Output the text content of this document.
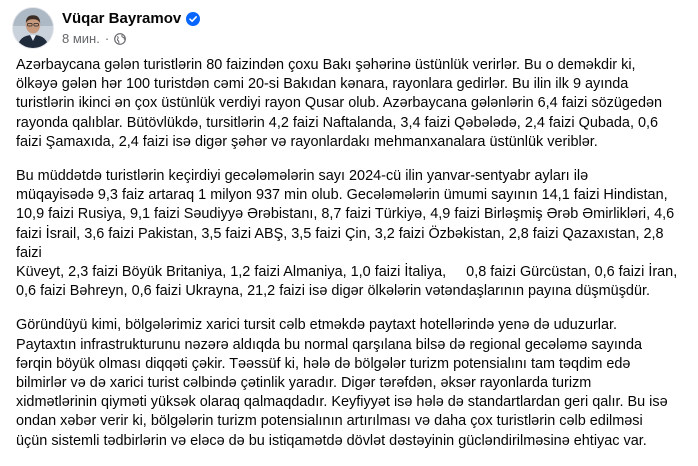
Vüqar Bayramov
8 мин. ·

Azərbaycana gələn turistlərin 80 faizindən çoxu Bakı şəhərinə üstünlük verirlər. Bu o deməkdir ki,
ölkəyə gələn hər 100 turistdən cəmi 20-si Bakıdan kənara, rayonlara gedirlər. Bu ilin ilk 9 ayında
turistlərin ikinci ən çox üstünlük verdiyi rayon Qusar olub. Azərbaycana gələnlərin 6,4 faizi sözügedən
rayonda qalıblar. Bütövlükdə, tursitlərin 4,2 faizi Naftalanda, 3,4 faizi Qəbələdə, 2,4 faizi Qubada, 0,6
faizi Şamaxıda, 2,4 faizi isə digər şəhər və rayonlardakı mehmanxanalara üstünlük veriblər.

Bu müddətdə turistlərin keçirdiyi gecələmələrin sayı 2024-cü ilin yanvar-sentyabr ayları ilə
müqayisədə 9,3 faiz artaraq 1 milyon 937 min olub. Gecələmələrin ümumi sayının 14,1 faizi Hindistan,
10,9 faizi Rusiya, 9,1 faizi Səudiyyə Ərəbistanı, 8,7 faizi Türkiyə, 4,9 faizi Birləşmiş Ərəb Əmirlikləri, 4,6
faizi İsrail, 3,6 faizi Pakistan, 3,5 faizi ABŞ, 3,5 faizi Çin, 3,2 faizi Özbəkistan, 2,8 faizi Qazaxıstan, 2,8 faizi
Küveyt, 2,3 faizi Böyük Britaniya, 1,2 faizi Almaniya, 1,0 faizi İtaliya,     0,8 faizi Gürcüstan, 0,6 faizi İran,
0,6 faizi Bəhreyn, 0,6 faizi Ukrayna, 21,2 faizi isə digər ölkələrin vətəndaşlarının payına düşmüşdür.

Göründüyü kimi, bölgələrimiz xarici tursit cəlb etməkdə paytaxt hotellərində yenə də uduzurlar.
Paytaxtın infrastrukturunu nəzərə aldıqda bu normal qarşılana bilsə də regional gecələmə sayında
fərqin böyük olması diqqəti çəkir. Təəssüf ki, hələ də bölgələr turizm potensialını tam təqdim edə
bilmirlər və də xarici turist cəlbində çətinlik yaradır. Digər tərəfdən, əksər rayonlarda turizm
xidmətlərinin qiyməti yüksək olaraq qalmaqdadır. Keyfiyyət isə hələ də standartlardan geri qalır. Bu isə
ondan xəbər verir ki, bölgələrin turizm potensialının artırılması və daha çox turistlərin cəlb edilməsi
üçün sistemli tədbirlərin və eləcə də bu istiqamətdə dövlət dəstəyinin gücləndirilməsinə ehtiyac var.
